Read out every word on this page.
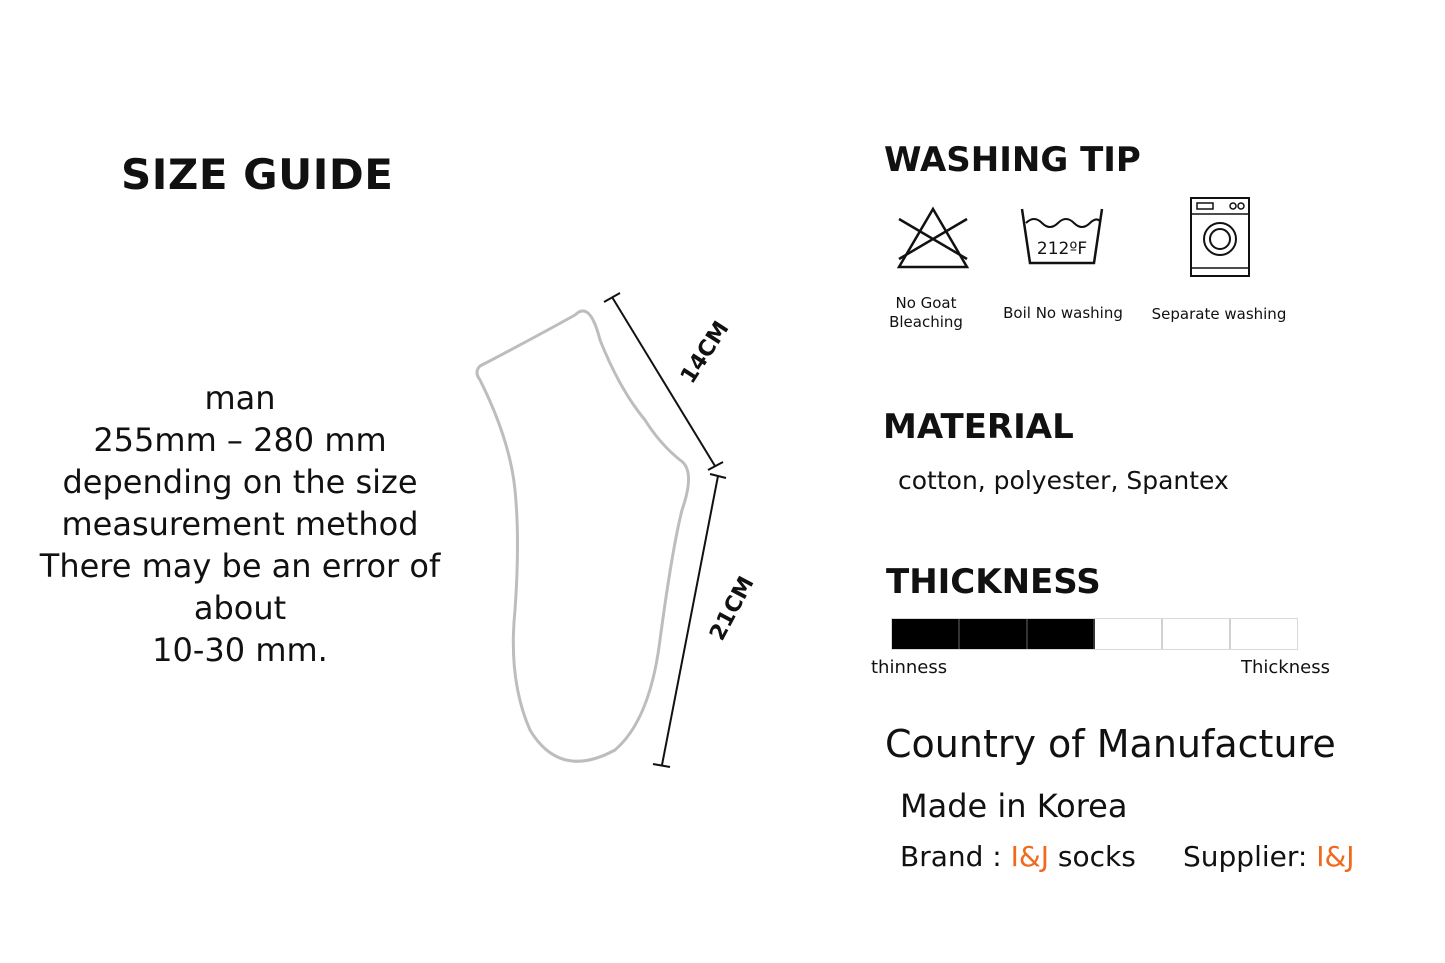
SIZE GUIDE
man
255mm – 280 mm
depending on the size
measurement method
There may be an error of
about
10-30 mm.
14CM
21CM
WASHING TIP
212ºF
No Goat
Bleaching	Boil No washing	Separate washing
MATERIAL
cotton, polyester, Spantex
THICKNESS
thinness	Thickness
Country of Manufacture
Made in Korea
Brand : I&J socks Supplier: I&J
